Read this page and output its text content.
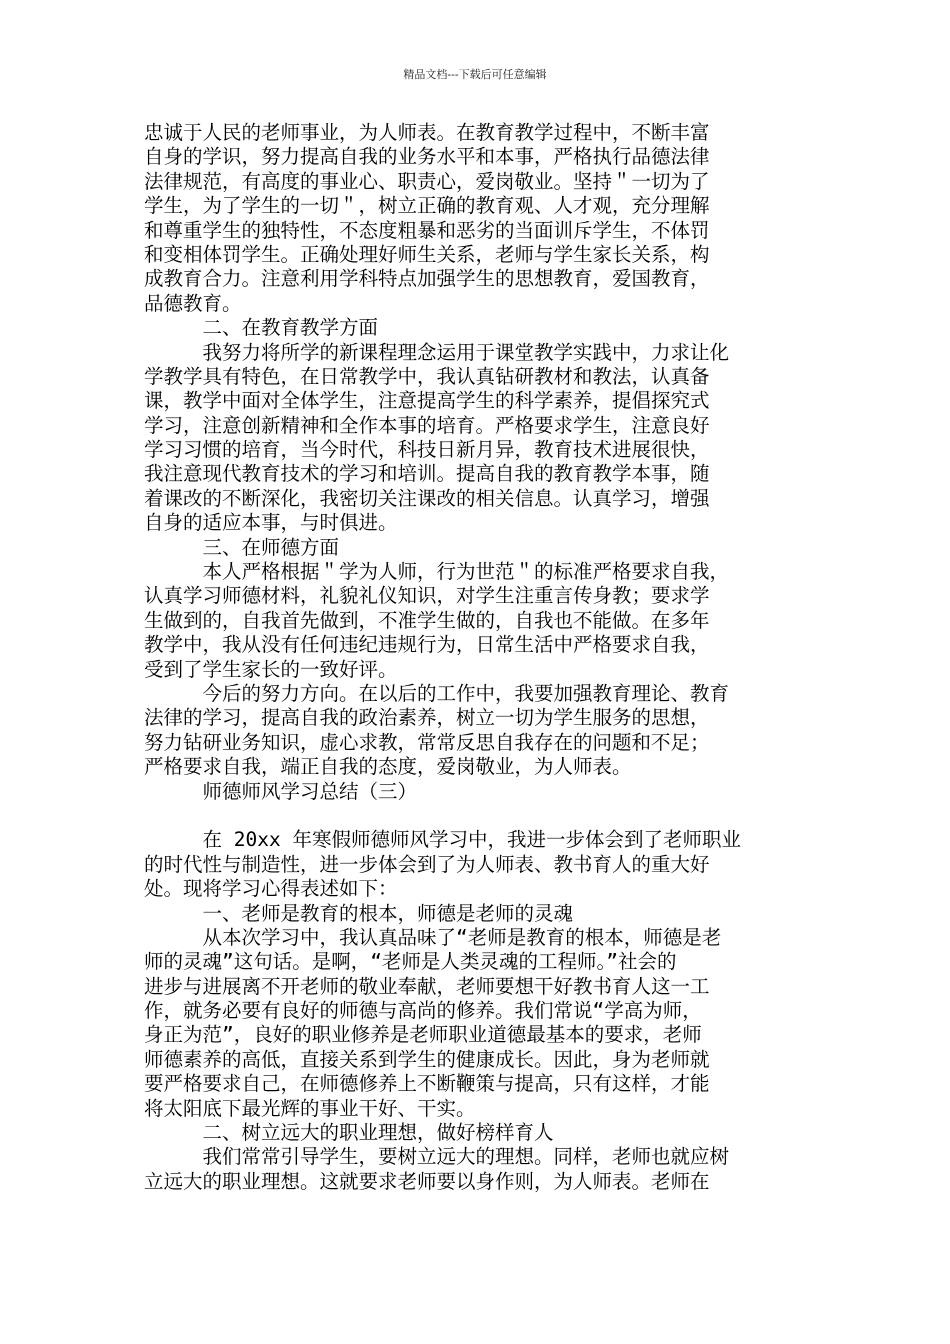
精品文档---下载后可任意编辑
忠诚于人民的老师事业，为人师表。在教育教学过程中，不断丰富
自身的学识，努力提高自我的业务水平和本事，严格执行品德法律
法律规范，有高度的事业心、职责心，爱岗敬业。坚持＂一切为了
学生，为了学生的一切＂，树立正确的教育观、人才观，充分理解
和尊重学生的独特性，不态度粗暴和恶劣的当面训斥学生，不体罚
和变相体罚学生。正确处理好师生关系，老师与学生家长关系，构
成教育合力。注意利用学科特点加强学生的思想教育，爱国教育，
品德教育。
　　　二、在教育教学方面
　　　我努力将所学的新课程理念运用于课堂教学实践中，力求让化
学教学具有特色，在日常教学中，我认真钻研教材和教法，认真备
课，教学中面对全体学生，注意提高学生的科学素养，提倡探究式
学习，注意创新精神和全作本事的培育。严格要求学生，注意良好
学习习惯的培育，当今时代，科技日新月异，教育技术进展很快，
我注意现代教育技术的学习和培训。提高自我的教育教学本事，随
着课改的不断深化，我密切关注课改的相关信息。认真学习，增强
自身的适应本事，与时俱进。
　　　三、在师德方面
　　　本人严格根据＂学为人师，行为世范＂的标准严格要求自我，
认真学习师德材料，礼貌礼仪知识，对学生注重言传身教；要求学
生做到的，自我首先做到，不准学生做的，自我也不能做。在多年
教学中，我从没有任何违纪违规行为，日常生活中严格要求自我，
受到了学生家长的一致好评。
　　　今后的努力方向。在以后的工作中，我要加强教育理论、教育
法律的学习，提高自我的政治素养，树立一切为学生服务的思想，
努力钻研业务知识，虚心求教，常常反思自我存在的问题和不足；
严格要求自我，端正自我的态度，爱岗敬业，为人师表。
　　　师德师风学习总结（三）
　　　在 20xx 年寒假师德师风学习中，我进一步体会到了老师职业
的时代性与制造性，进一步体会到了为人师表、教书育人的重大好
处。现将学习心得表述如下：
　　　一、老师是教育的根本，师德是老师的灵魂
　　　从本次学习中，我认真品味了“老师是教育的根本，师德是老
师的灵魂”这句话。是啊，“老师是人类灵魂的工程师。”社会的
进步与进展离不开老师的敬业奉献，老师要想干好教书育人这一工
作，就务必要有良好的师德与高尚的修养。我们常说“学高为师，
身正为范”，良好的职业修养是老师职业道德最基本的要求，老师
师德素养的高低，直接关系到学生的健康成长。因此，身为老师就
要严格要求自己，在师德修养上不断鞭策与提高，只有这样，才能
将太阳底下最光辉的事业干好、干实。
　　　二、树立远大的职业理想，做好榜样育人
　　　我们常常引导学生，要树立远大的理想。同样，老师也就应树
立远大的职业理想。这就要求老师要以身作则，为人师表。老师在
